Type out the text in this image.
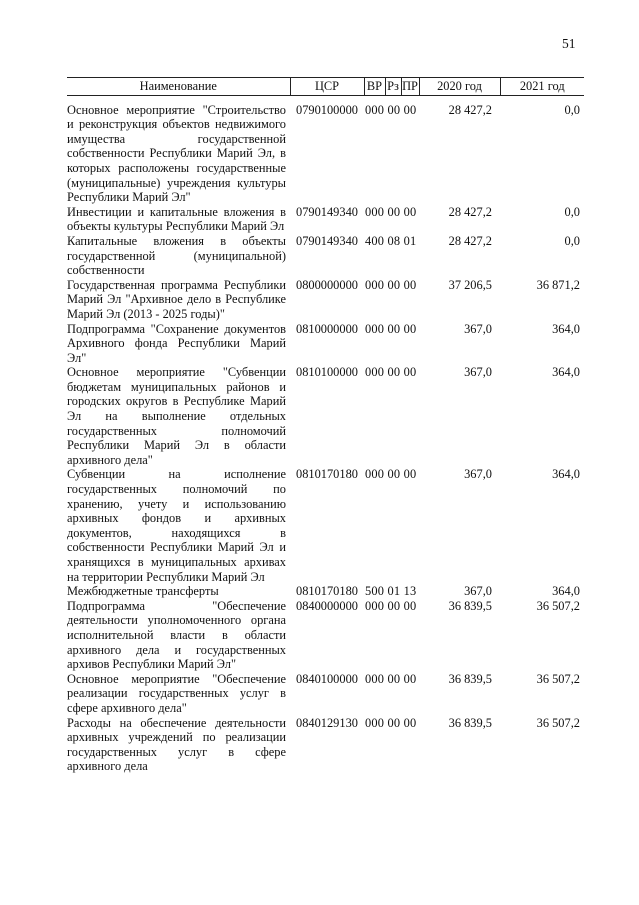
51
Наименование	ЦСР	ВР	Рз	ПР	2020 год	2021 год
Основное мероприятие "Строительство и реконструкция объектов недвижимого имущества государственной собственности Республики Марий Эл, в которых расположены государственные (муниципальные) учреждения культуры Республики Марий Эл"	0790100000	000 00 00			28 427,2	0,0
Инвестиции и капитальные вложения в объекты культуры Республики Марий Эл	0790149340	000 00 00			28 427,2	0,0
Капитальные вложения в объекты государственной (муниципальной) собственности	0790149340	400 08 01			28 427,2	0,0
Государственная программа Республики Марий Эл "Архивное дело в Республике Марий Эл (2013 - 2025 годы)"	0800000000	000 00 00			37 206,5	36 871,2
Подпрограмма "Сохранение документов Архивного фонда Республики Марий Эл"	0810000000	000 00 00			367,0	364,0
Основное мероприятие "Субвенции бюджетам муниципальных районов и городских округов в Республике Марий Эл на выполнение отдельных государственных полномочий Республики Марий Эл в области архивного дела"	0810100000	000 00 00			367,0	364,0
Субвенции на исполнение государственных полномочий по хранению, учету и использованию архивных фондов и архивных документов, находящихся в собственности Республики Марий Эл и хранящихся в муниципальных архивах на территории Республики Марий Эл	0810170180	000 00 00			367,0	364,0
Межбюджетные трансферты	0810170180	500 01 13			367,0	364,0
Подпрограмма "Обеспечение деятельности уполномоченного органа исполнительной власти в области архивного дела и государственных архивов Республики Марий Эл"	0840000000	000 00 00			36 839,5	36 507,2
Основное мероприятие "Обеспечение реализации государственных услуг в сфере архивного дела"	0840100000	000 00 00			36 839,5	36 507,2
Расходы на обеспечение деятельности архивных учреждений по реализации государственных услуг в сфере архивного дела	0840129130	000 00 00			36 839,5	36 507,2
